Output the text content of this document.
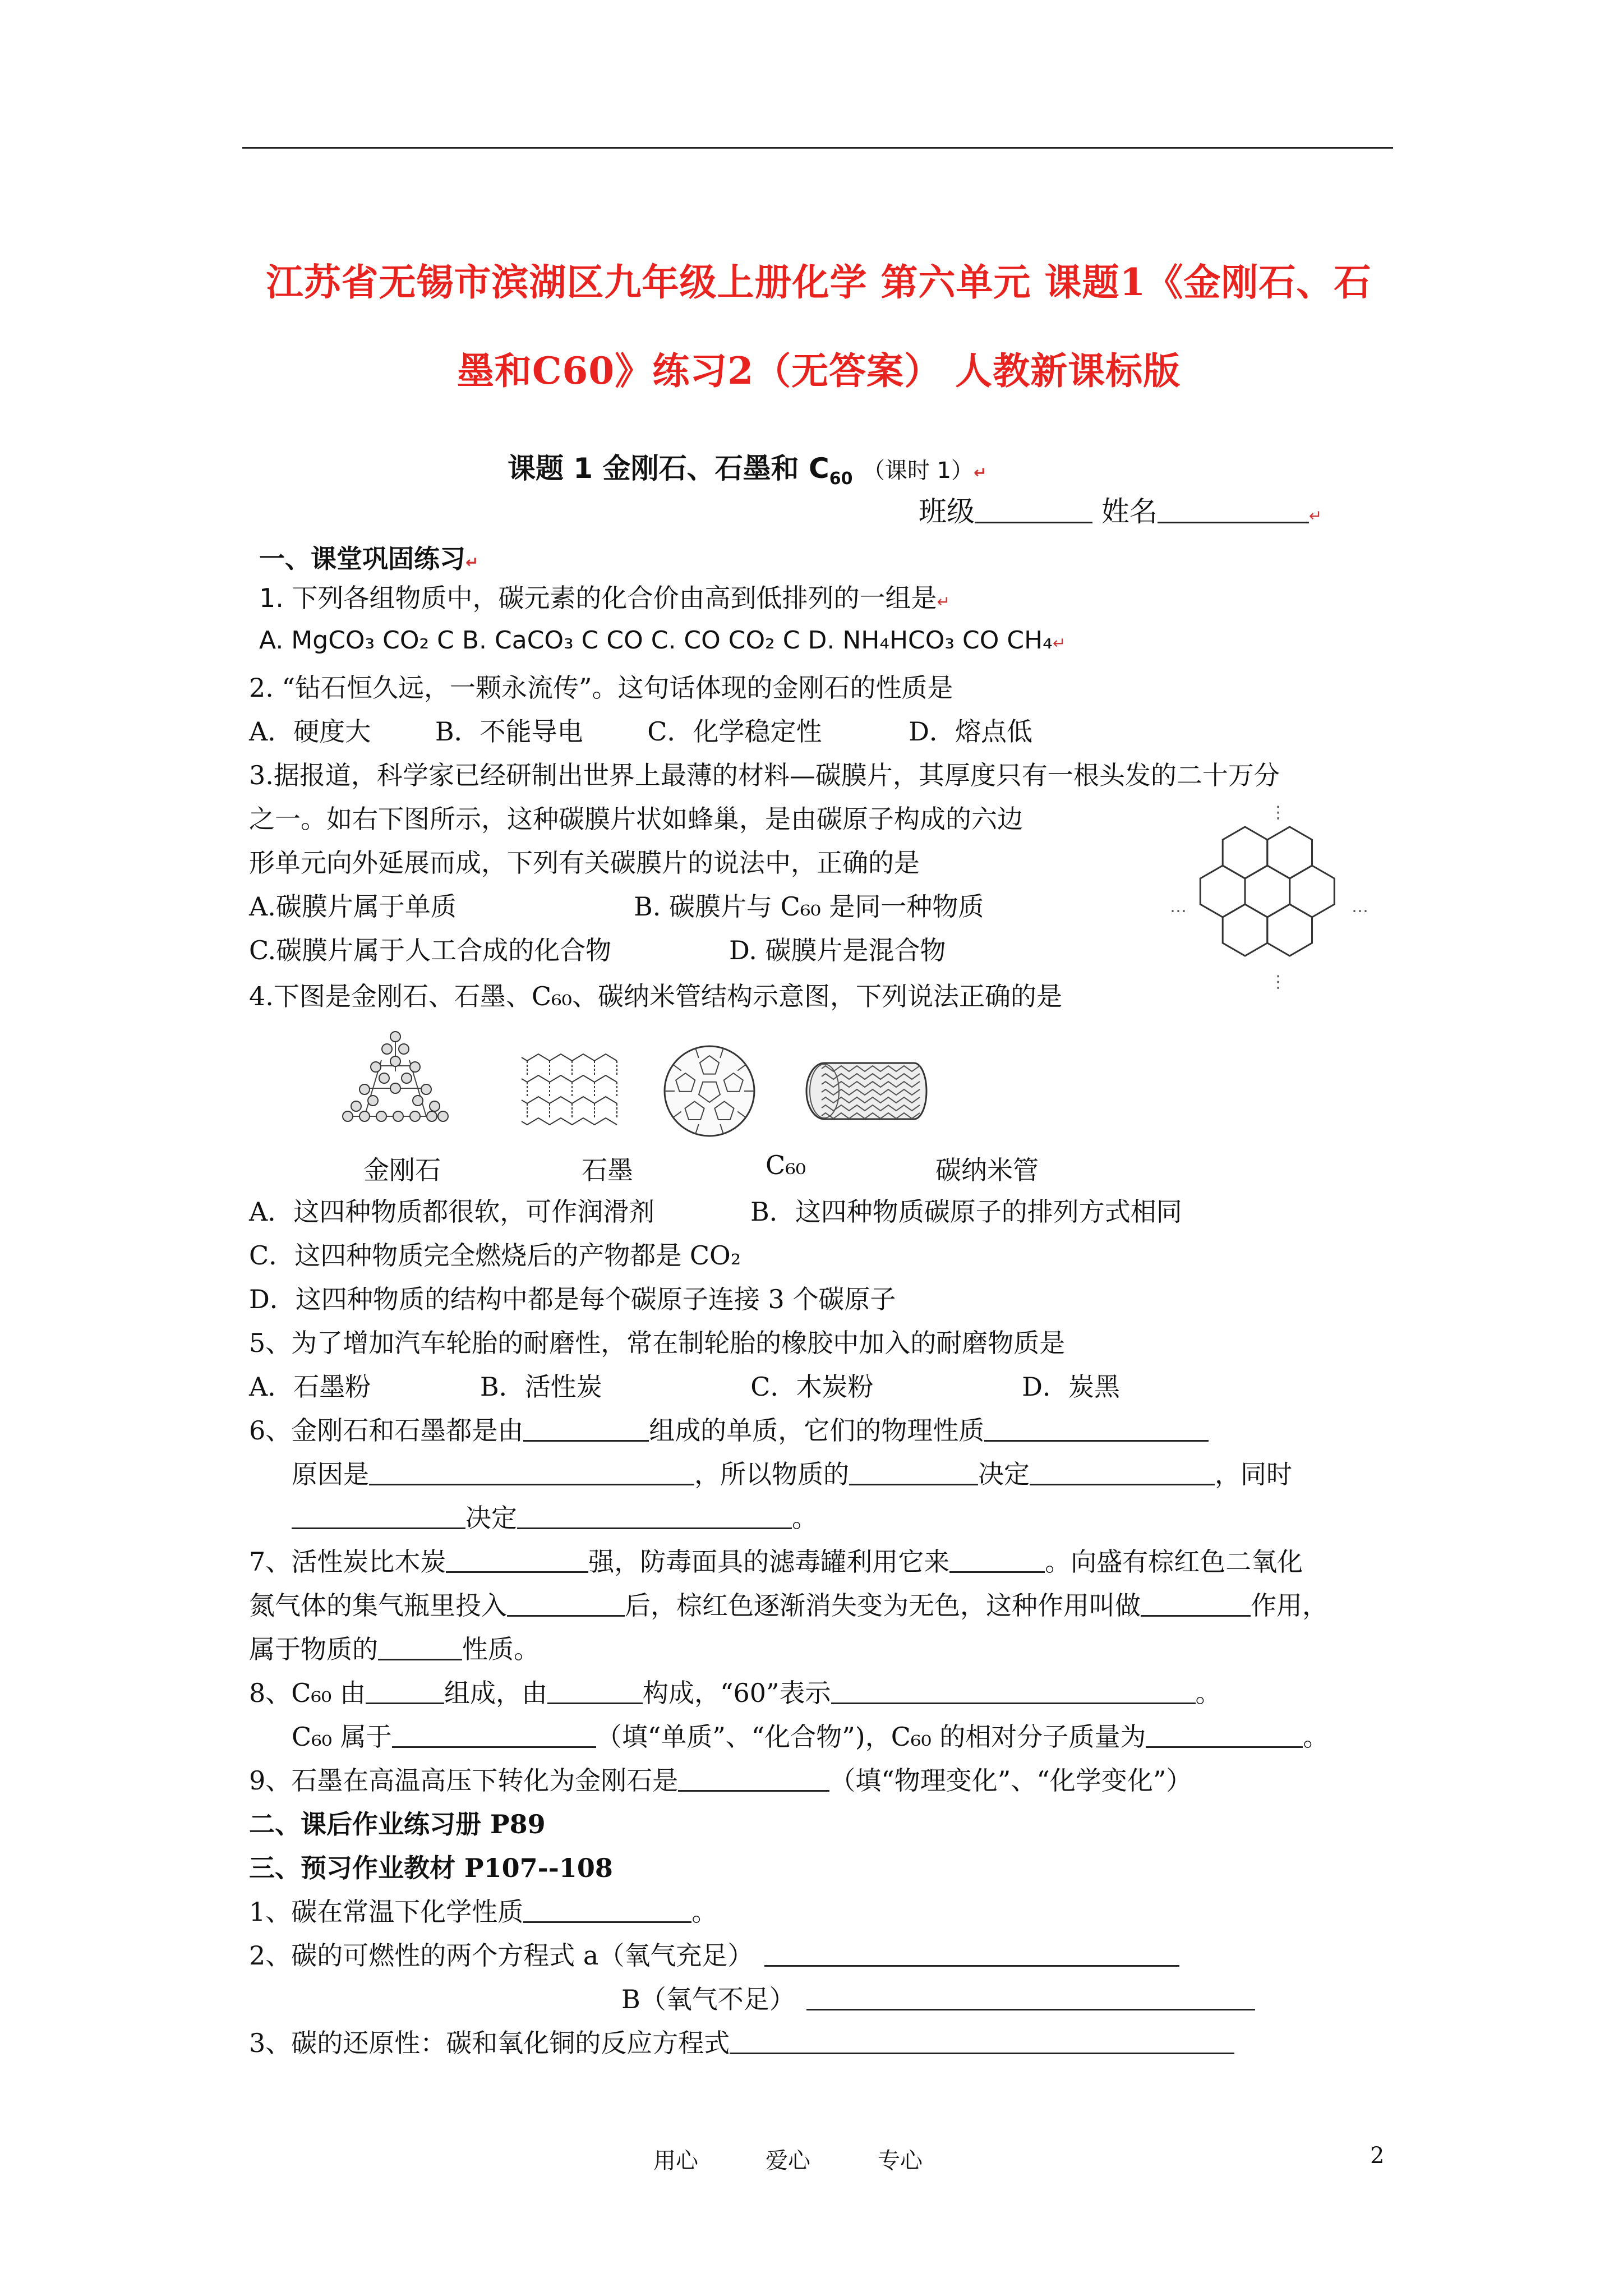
江苏省无锡市滨湖区九年级上册化学 第六单元 课题1《金刚石、石
墨和C60》练习2（无答案） 人教新课标版
课题 1 金刚石、石墨和 $C_{60}$ （课时 1）↵
班级	姓名	↵
一、课堂巩固练习↵
1. 下列各组物质中，碳元素的化合价由高到低排列的一组是↵
A. MgCO₃ CO₂ C B. CaCO₃ C CO C. CO CO₂ C D. NH₄HCO₃ CO CH₄↵
2. “钻石恒久远，一颗永流传”。这句话体现的金刚石的性质是
A．硬度大 B．不能导电 C．化学稳定性	D．熔点低
3.据报道，科学家已经研制出世界上最薄的材料—碳膜片，其厚度只有一根头发的二十万分
之一。如右下图所示，这种碳膜片状如蜂巢，是由碳原子构成的六边
形单元向外延展而成，下列有关碳膜片的说法中，正确的是
A.碳膜片属于单质	B. 碳膜片与 C₆₀ 是同一种物质
C.碳膜片属于人工合成的化合物	D. 碳膜片是混合物
⋮
⋮
…	…
4.下图是金刚石、石墨、C₆₀、碳纳米管结构示意图，下列说法正确的是
金刚石	石墨	C₆₀	碳纳米管
A．这四种物质都很软，可作润滑剂	B．这四种物质碳原子的排列方式相同
C．这四种物质完全燃烧后的产物都是 CO₂
D．这四种物质的结构中都是每个碳原子连接 3 个碳原子
5、为了增加汽车轮胎的耐磨性，常在制轮胎的橡胶中加入的耐磨物质是
A．石墨粉	B．活性炭	C．木炭粉	D．炭黑
6、金刚石和石墨都是由	组成的单质，它们的物理性质
原因是	，所以物质的	决定	，同时
决定	。
7、活性炭比木炭	强，防毒面具的滤毒罐利用它来	。向盛有棕红色二氧化
氮气体的集气瓶里投入	后，棕红色逐渐消失变为无色，这种作用叫做	作用，
属于物质的	性质。
8、C₆₀ 由	组成，由	构成，“60”表示	。
C₆₀ 属于	（填“单质”、“化合物”)，C₆₀ 的相对分子质量为	。
9、石墨在高温高压下转化为金刚石是	（填“物理变化”、“化学变化”）
二、课后作业练习册 P89
三、预习作业教材 P107--108
1、碳在常温下化学性质	。
2、碳的可燃性的两个方程式 a（氧气充足）
B（氧气不足）
3、碳的还原性：碳和氧化铜的反应方程式
用心	爱心	专心	2
